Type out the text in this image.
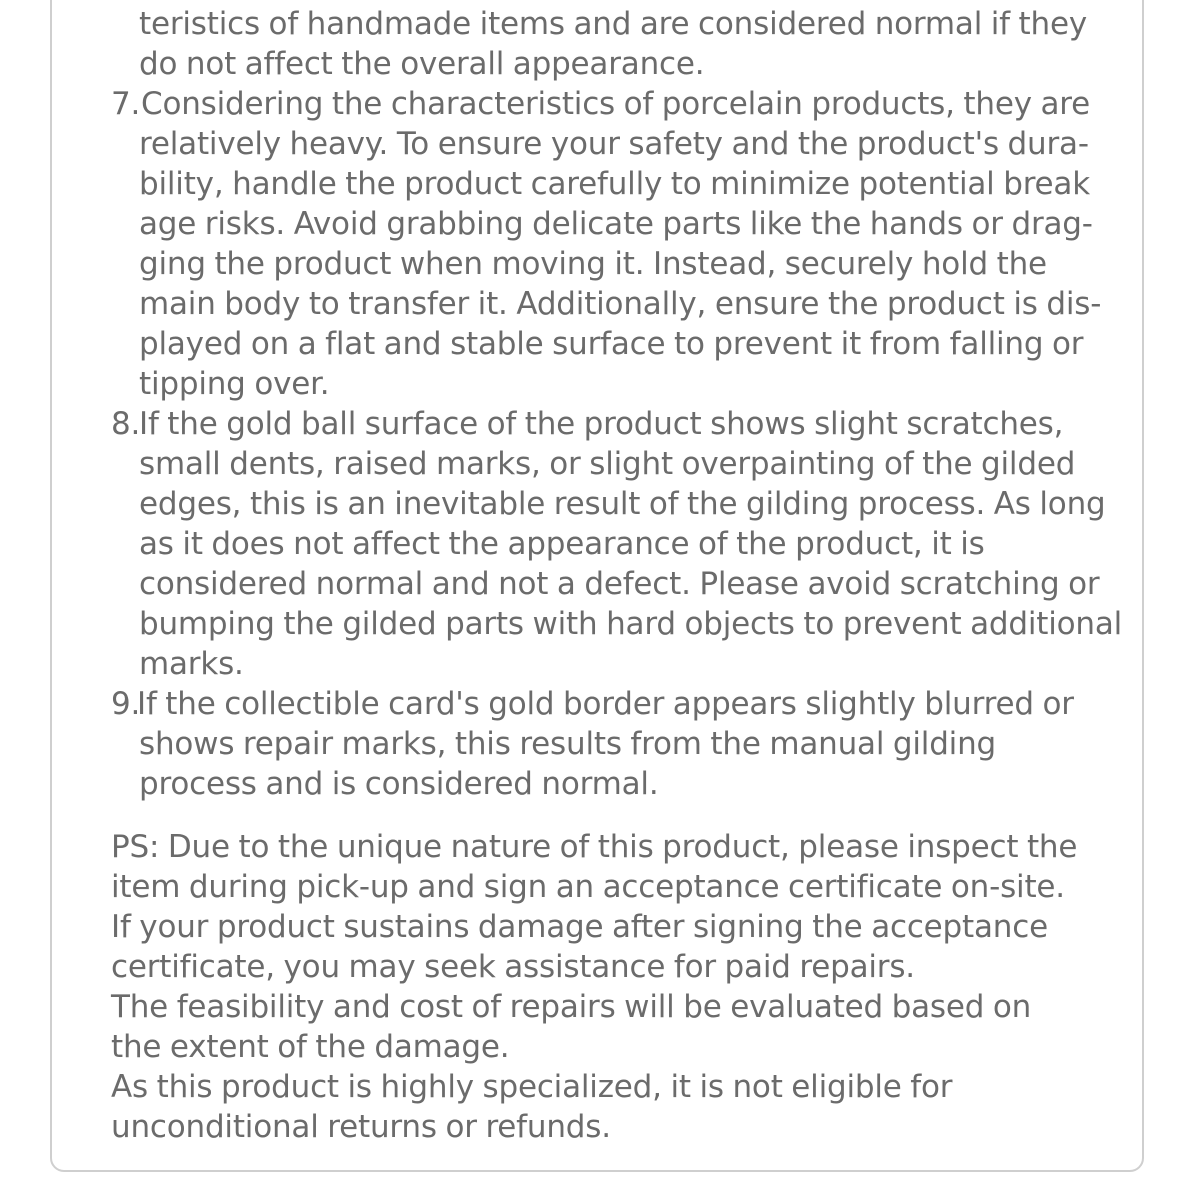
teristics of handmade items and are considered normal if they
do not affect the overall appearance.
7. Considering the characteristics of porcelain products, they are
relatively heavy. To ensure your safety and the product's dura-
bility, handle the product carefully to minimize potential break
age risks. Avoid grabbing delicate parts like the hands or drag-
ging the product when moving it. Instead, securely hold the
main body to transfer it. Additionally, ensure the product is dis-
played on a flat and stable surface to prevent it from falling or
tipping over.
8.
If the gold ball surface of the product shows slight scratches,
small dents, raised marks, or slight overpainting of the gilded
edges, this is an inevitable result of the gilding process. As long
as it does not affect the appearance of the product, it is
considered normal and not a defect. Please avoid scratching or
bumping the gilded parts with hard objects to prevent additional
marks.
9.
If the collectible card's gold border appears slightly blurred or
shows repair marks, this results from the manual gilding
process and is considered normal.
PS: Due to the unique nature of this product, please inspect the
item during pick-up and sign an acceptance certificate on-site.
If your product sustains damage after signing the acceptance
certificate, you may seek assistance for paid repairs.
The feasibility and cost of repairs will be evaluated based on
the extent of the damage.
As this product is highly specialized, it is not eligible for
unconditional returns or refunds.
